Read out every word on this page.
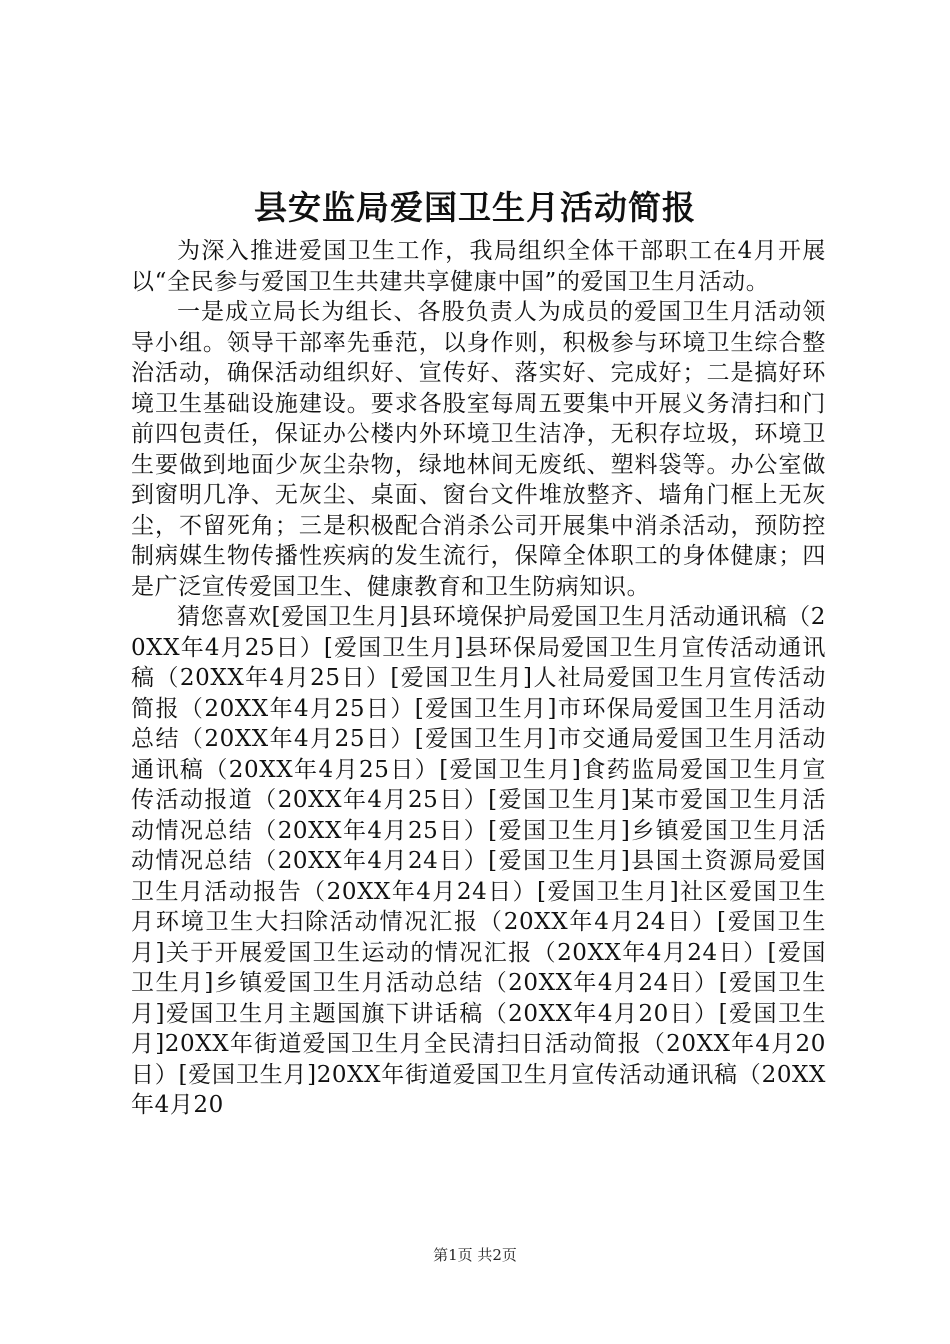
县安监局爱国卫生月活动简报

为深入推进爱国卫生工作，我局组织全体干部职工在4月开展以“全民参与爱国卫生共建共享健康中国”的爱国卫生月活动。

一是成立局长为组长、各股负责人为成员的爱国卫生月活动领导小组。领导干部率先垂范，以身作则，积极参与环境卫生综合整治活动，确保活动组织好、宣传好、落实好、完成好；二是搞好环境卫生基础设施建设。要求各股室每周五要集中开展义务清扫和门前四包责任，保证办公楼内外环境卫生洁净，无积存垃圾，环境卫生要做到地面少灰尘杂物，绿地林间无废纸、塑料袋等。办公室做到窗明几净、无灰尘、桌面、窗台文件堆放整齐、墙角门框上无灰尘，不留死角；三是积极配合消杀公司开展集中消杀活动，预防控制病媒生物传播性疾病的发生流行，保障全体职工的身体健康；四是广泛宣传爱国卫生、健康教育和卫生防病知识。

猜您喜欢[爱国卫生月]县环境保护局爱国卫生月活动通讯稿（20XX年4月25日）[爱国卫生月]县环保局爱国卫生月宣传活动通讯稿（20XX年4月25日）[爱国卫生月]人社局爱国卫生月宣传活动简报（20XX年4月25日）[爱国卫生月]市环保局爱国卫生月活动总结（20XX年4月25日）[爱国卫生月]市交通局爱国卫生月活动通讯稿（20XX年4月25日）[爱国卫生月]食药监局爱国卫生月宣传活动报道（20XX年4月25日）[爱国卫生月]某市爱国卫生月活动情况总结（20XX年4月25日）[爱国卫生月]乡镇爱国卫生月活动情况总结（20XX年4月24日）[爱国卫生月]县国土资源局爱国卫生月活动报告（20XX年4月24日）[爱国卫生月]社区爱国卫生月环境卫生大扫除活动情况汇报（20XX年4月24日）[爱国卫生月]关于开展爱国卫生运动的情况汇报（20XX年4月24日）[爱国卫生月]乡镇爱国卫生月活动总结（20XX年4月24日）[爱国卫生月]爱国卫生月主题国旗下讲话稿（20XX年4月20日）[爱国卫生月]20XX年街道爱国卫生月全民清扫日活动简报（20XX年4月20日）[爱国卫生月]20XX年街道爱国卫生月宣传活动通讯稿（20XX年4月20

第1页 共2页
